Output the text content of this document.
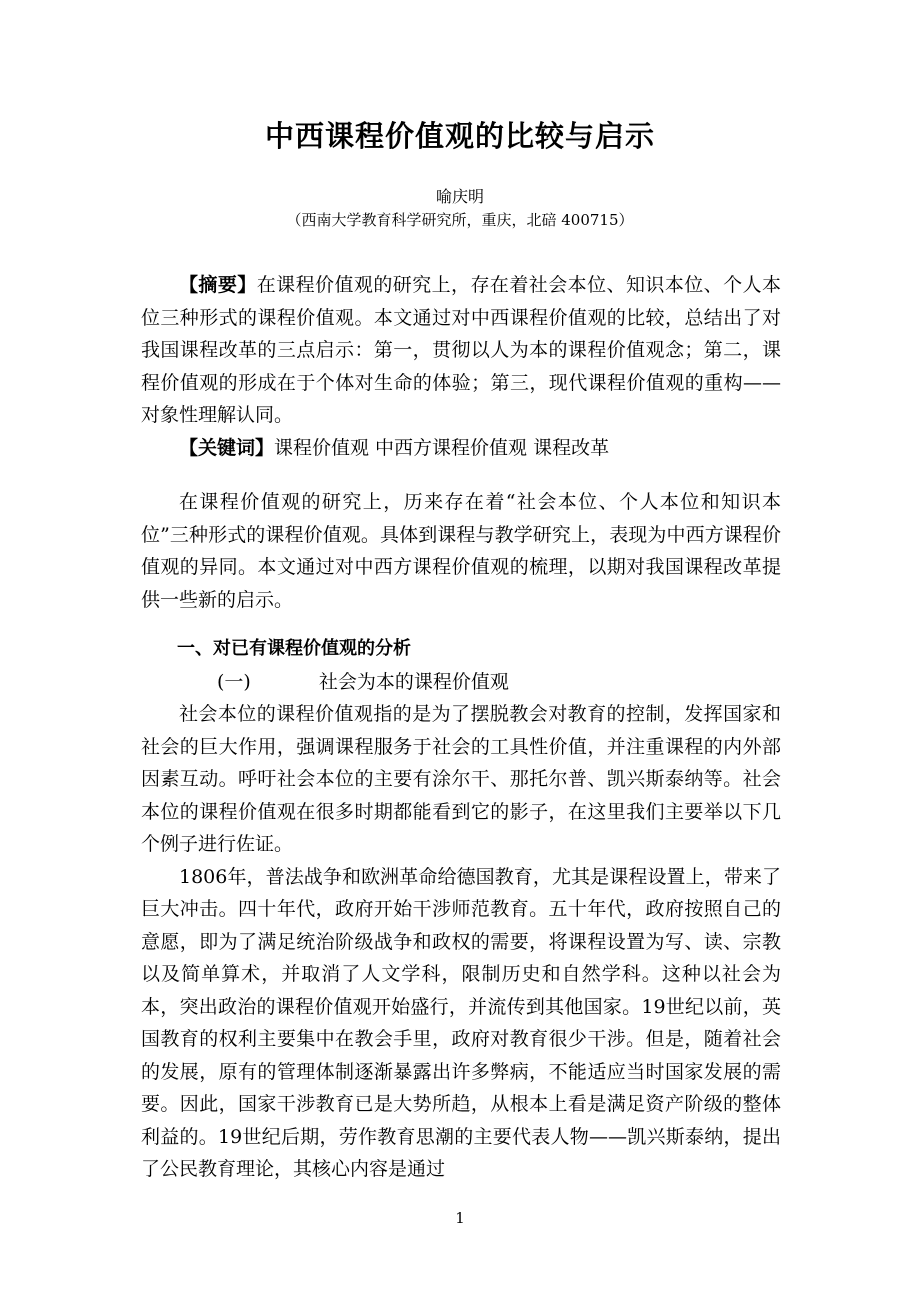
中西课程价值观的比较与启示
喻庆明
（西南大学教育科学研究所，重庆，北碚 400715）

【摘要】在课程价值观的研究上，存在着社会本位、知识本位、个人本位三种形式的课程价值观。本文通过对中西课程价值观的比较，总结出了对我国课程改革的三点启示：第一，贯彻以人为本的课程价值观念；第二，课程价值观的形成在于个体对生命的体验；第三，现代课程价值观的重构——对象性理解认同。

【关键词】课程价值观 中西方课程价值观 课程改革

在课程价值观的研究上，历来存在着“社会本位、个人本位和知识本位”三种形式的课程价值观。具体到课程与教学研究上，表现为中西方课程价值观的异同。本文通过对中西方课程价值观的梳理，以期对我国课程改革提供一些新的启示。

一、对已有课程价值观的分析

(一)	社会为本的课程价值观

社会本位的课程价值观指的是为了摆脱教会对教育的控制，发挥国家和社会的巨大作用，强调课程服务于社会的工具性价值，并注重课程的内外部因素互动。呼吁社会本位的主要有涂尔干、那托尔普、凯兴斯泰纳等。社会本位的课程价值观在很多时期都能看到它的影子，在这里我们主要举以下几个例子进行佐证。

1806年，普法战争和欧洲革命给德国教育，尤其是课程设置上，带来了巨大冲击。四十年代，政府开始干涉师范教育。五十年代，政府按照自己的意愿，即为了满足统治阶级战争和政权的需要，将课程设置为写、读、宗教以及简单算术，并取消了人文学科，限制历史和自然学科。这种以社会为本，突出政治的课程价值观开始盛行，并流传到其他国家。19世纪以前，英国教育的权利主要集中在教会手里，政府对教育很少干涉。但是，随着社会的发展，原有的管理体制逐渐暴露出许多弊病，不能适应当时国家发展的需要。因此，国家干涉教育已是大势所趋，从根本上看是满足资产阶级的整体利益的。19世纪后期，劳作教育思潮的主要代表人物——凯兴斯泰纳，提出了公民教育理论，其核心内容是通过

1
